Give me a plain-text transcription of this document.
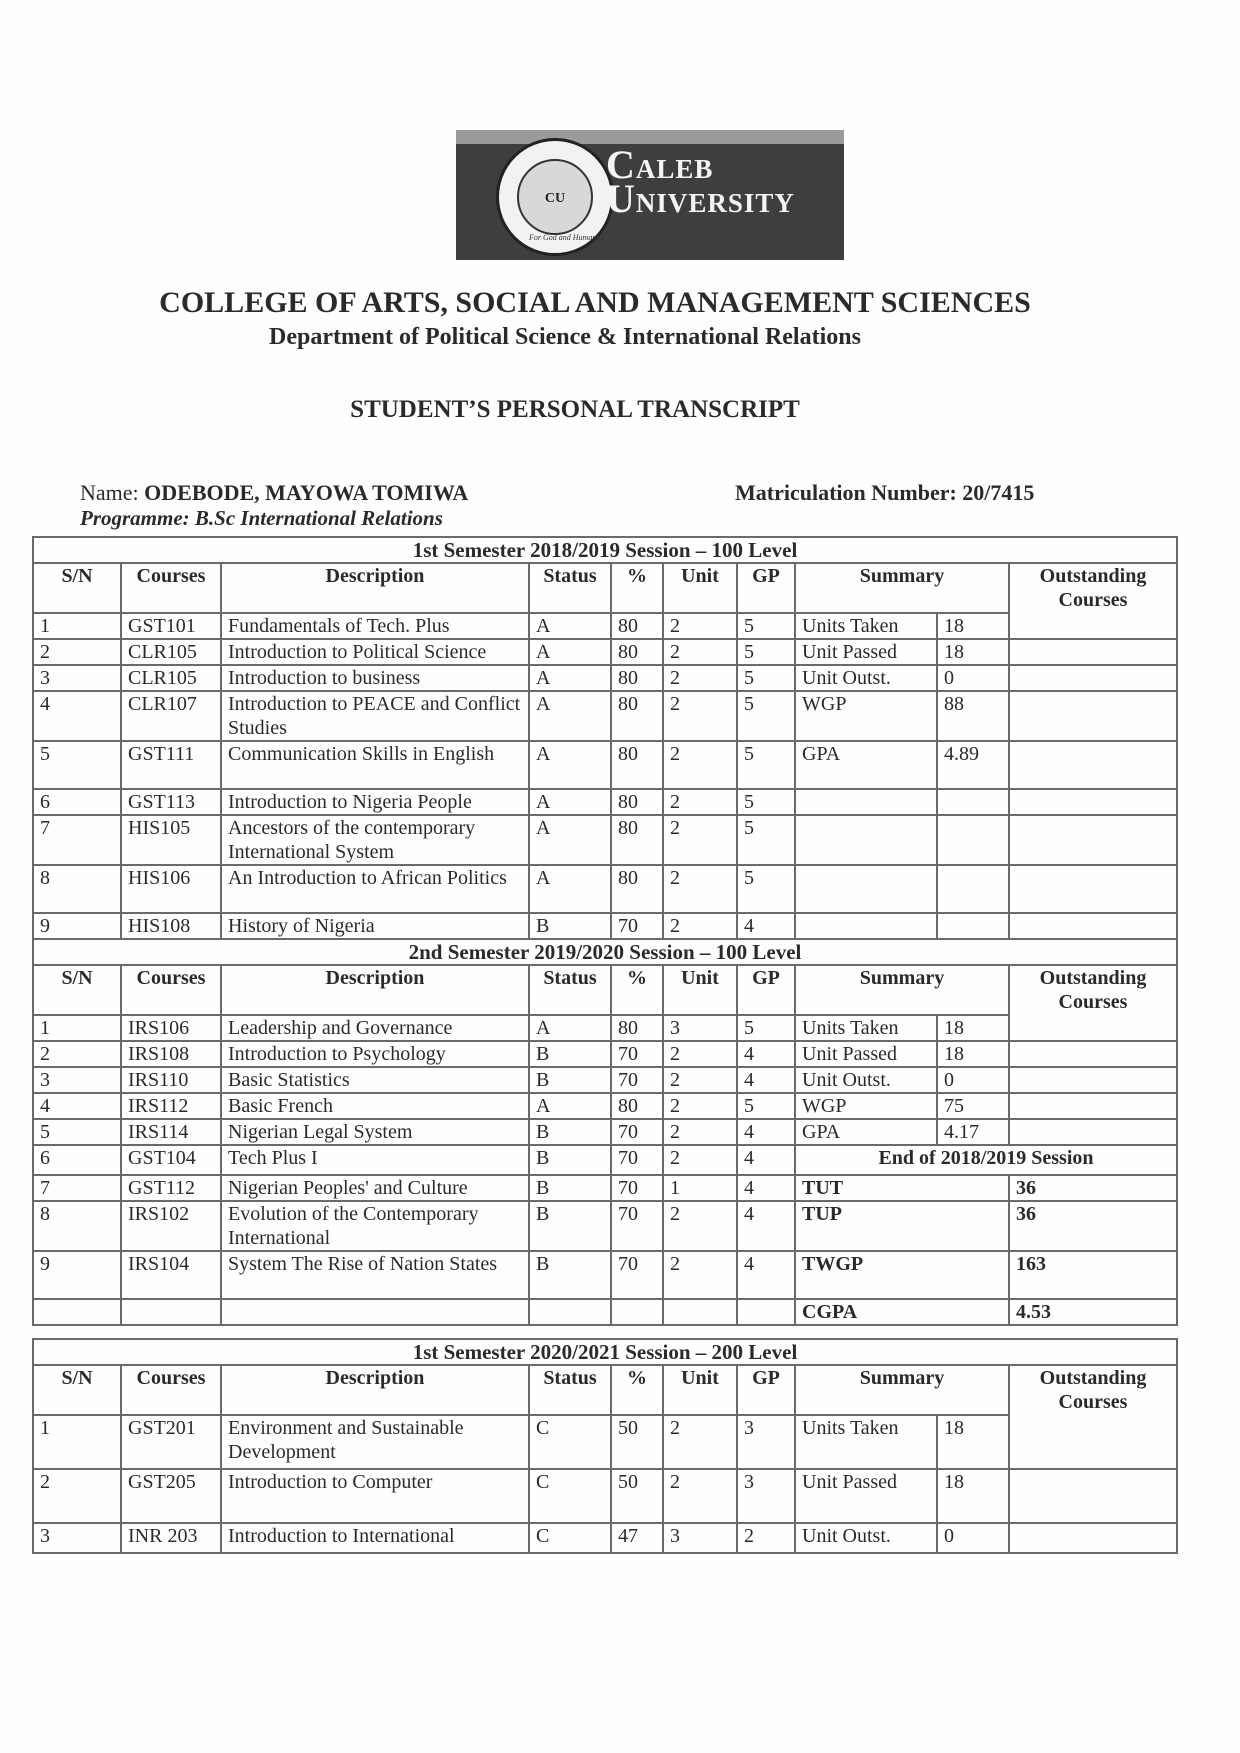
CU
For God and Humanity
CALEB
UNIVERSITY
COLLEGE OF ARTS, SOCIAL AND MANAGEMENT SCIENCES
Department of Political Science & International Relations
STUDENT’S PERSONAL TRANSCRIPT
Name: ODEBODE, MAYOWA TOMIWA
Programme: B.Sc International Relations
Matriculation Number: 20/7415
1st Semester 2018/2019 Session – 100 Level									
S/N	Courses	Description	Status	%	Unit	GP	Summary		Outstanding Courses
1	GST101	Fundamentals of Tech. Plus	A	80	2	5	Units Taken	18	
2	CLR105	Introduction to Political Science	A	80	2	5	Unit Passed	18	
3	CLR105	Introduction to business	A	80	2	5	Unit Outst.	0	
4	CLR107	Introduction to PEACE and Conflict Studies	A	80	2	5	WGP	88	
5	GST111	Communication Skills in English	A	80	2	5	GPA	4.89	
6	GST113	Introduction to Nigeria People	A	80	2	5			
7	HIS105	Ancestors of the contemporary International System	A	80	2	5			
8	HIS106	An Introduction to African Politics	A	80	2	5			
9	HIS108	History of Nigeria	B	70	2	4			
2nd Semester 2019/2020 Session – 100 Level									
S/N	Courses	Description	Status	%	Unit	GP	Summary		Outstanding Courses
1	IRS106	Leadership and Governance	A	80	3	5	Units Taken	18	
2	IRS108	Introduction to Psychology	B	70	2	4	Unit Passed	18	
3	IRS110	Basic Statistics	B	70	2	4	Unit Outst.	0	
4	IRS112	Basic French	A	80	2	5	WGP	75	
5	IRS114	Nigerian Legal System	B	70	2	4	GPA	4.17	
6	GST104	Tech Plus I	B	70	2	4	End of 2018/2019 Session		
7	GST112	Nigerian Peoples' and Culture	B	70	1	4	TUT		36
8	IRS102	Evolution of the Contemporary International	B	70	2	4	TUP		36
9	IRS104	System The Rise of Nation States	B	70	2	4	TWGP		163
							CGPA		4.53
1st Semester 2020/2021 Session – 200 Level									
S/N	Courses	Description	Status	%	Unit	GP	Summary		Outstanding Courses
1	GST201	Environment and Sustainable Development	C	50	2	3	Units Taken	18	
2	GST205	Introduction to Computer	C	50	2	3	Unit Passed	18	
3	INR 203	Introduction to International	C	47	3	2	Unit Outst.	0	
